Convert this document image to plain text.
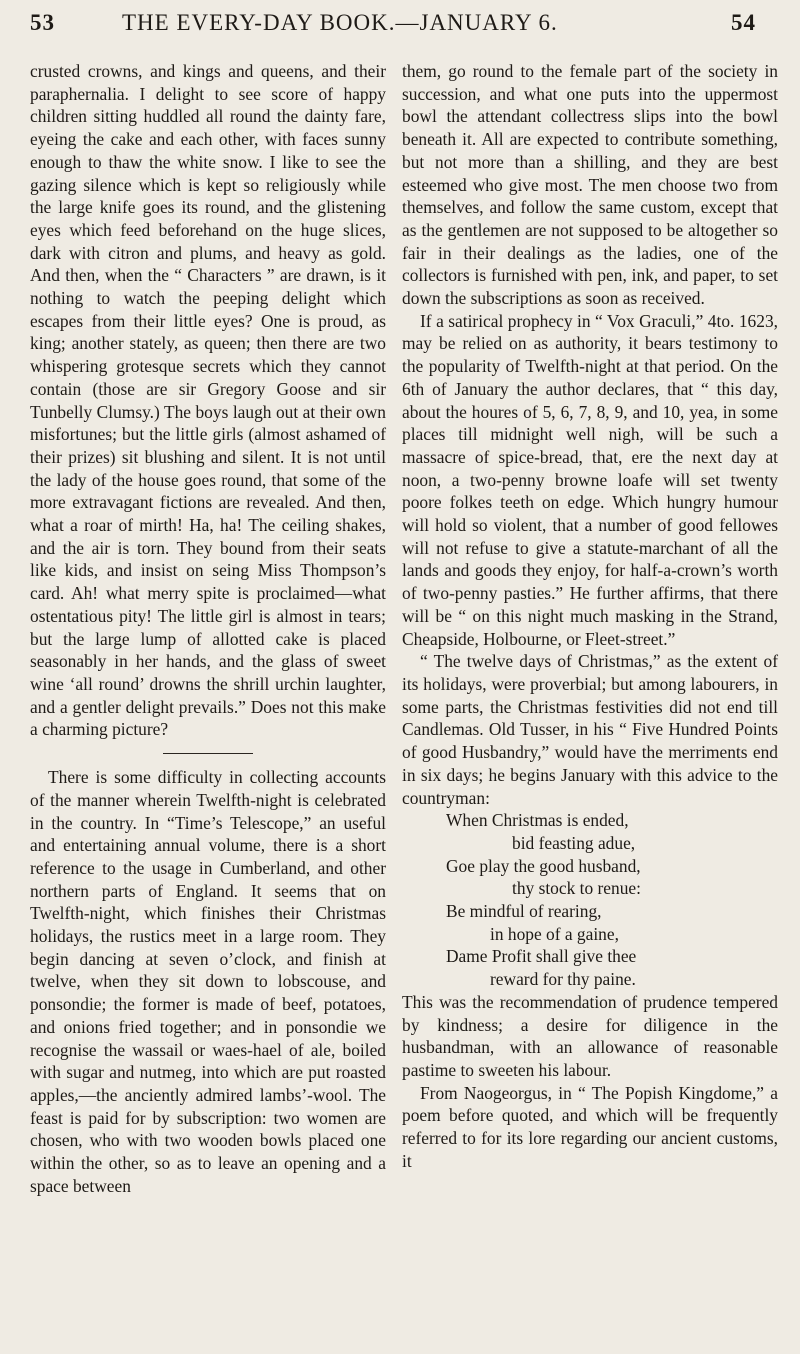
53	THE EVERY-DAY BOOK.—JANUARY 6.	54

crusted crowns, and kings and queens, and their paraphernalia. I delight to see score of happy children sitting huddled all round the dainty fare, eyeing the cake and each other, with faces sunny enough to thaw the white snow. I like to see the gazing silence which is kept so religiously while the large knife goes its round, and the glistening eyes which feed beforehand on the huge slices, dark with citron and plums, and heavy as gold. And then, when the “ Characters ” are drawn, is it nothing to watch the peeping delight which escapes from their little eyes? One is proud, as king; another stately, as queen; then there are two whispering grotesque secrets which they cannot contain (those are sir Gregory Goose and sir Tunbelly Clumsy.) The boys laugh out at their own misfortunes; but the little girls (almost ashamed of their prizes) sit blushing and silent. It is not until the lady of the house goes round, that some of the more extravagant fictions are revealed. And then, what a roar of mirth! Ha, ha! The ceiling shakes, and the air is torn. They bound from their seats like kids, and insist on seing Miss Thompson’s card. Ah! what merry spite is proclaimed—what ostentatious pity! The little girl is almost in tears; but the large lump of allotted cake is placed seasonably in her hands, and the glass of sweet wine ‘all round’ drowns the shrill urchin laughter, and a gentler delight prevails.” Does not this make a charming picture?

There is some difficulty in collecting accounts of the manner wherein Twelfth-night is celebrated in the country. In “Time’s Telescope,” an useful and entertaining annual volume, there is a short reference to the usage in Cumberland, and other northern parts of England. It seems that on Twelfth-night, which finishes their Christmas holidays, the rustics meet in a large room. They begin dancing at seven o’clock, and finish at twelve, when they sit down to lobscouse, and ponsondie; the former is made of beef, potatoes, and onions fried together; and in ponsondie we recognise the wassail or waes-hael of ale, boiled with sugar and nutmeg, into which are put roasted apples,—the anciently admired lambs’-wool. The feast is paid for by subscription: two women are chosen, who with two wooden bowls placed one within the other, so as to leave an opening and a space between

them, go round to the female part of the society in succession, and what one puts into the uppermost bowl the attendant collectress slips into the bowl beneath it. All are expected to contribute something, but not more than a shilling, and they are best esteemed who give most. The men choose two from themselves, and follow the same custom, except that as the gentlemen are not supposed to be altogether so fair in their dealings as the ladies, one of the collectors is furnished with pen, ink, and paper, to set down the subscriptions as soon as received.

If a satirical prophecy in “ Vox Graculi,” 4to. 1623, may be relied on as authority, it bears testimony to the popularity of Twelfth-night at that period. On the 6th of January the author declares, that “ this day, about the houres of 5, 6, 7, 8, 9, and 10, yea, in some places till midnight well nigh, will be such a massacre of spice-bread, that, ere the next day at noon, a two-penny browne loafe will set twenty poore folkes teeth on edge. Which hungry humour will hold so violent, that a number of good fellowes will not refuse to give a statute-marchant of all the lands and goods they enjoy, for half-a-crown’s worth of two-penny pasties.” He further affirms, that there will be “ on this night much masking in the Strand, Cheapside, Holbourne, or Fleet-street.”

“ The twelve days of Christmas,” as the extent of its holidays, were proverbial; but among labourers, in some parts, the Christmas festivities did not end till Candlemas. Old Tusser, in his “ Five Hundred Points of good Husbandry,” would have the merriments end in six days; he begins January with this advice to the countryman:

When Christmas is ended,
bid feasting adue,
Goe play the good husband,
thy stock to renue:
Be mindful of rearing,
in hope of a gaine,
Dame Profit shall give thee
reward for thy paine.

This was the recommendation of prudence tempered by kindness; a desire for diligence in the husbandman, with an allowance of reasonable pastime to sweeten his labour.

From Naogeorgus, in “ The Popish Kingdome,” a poem before quoted, and which will be frequently referred to for its lore regarding our ancient customs, it
